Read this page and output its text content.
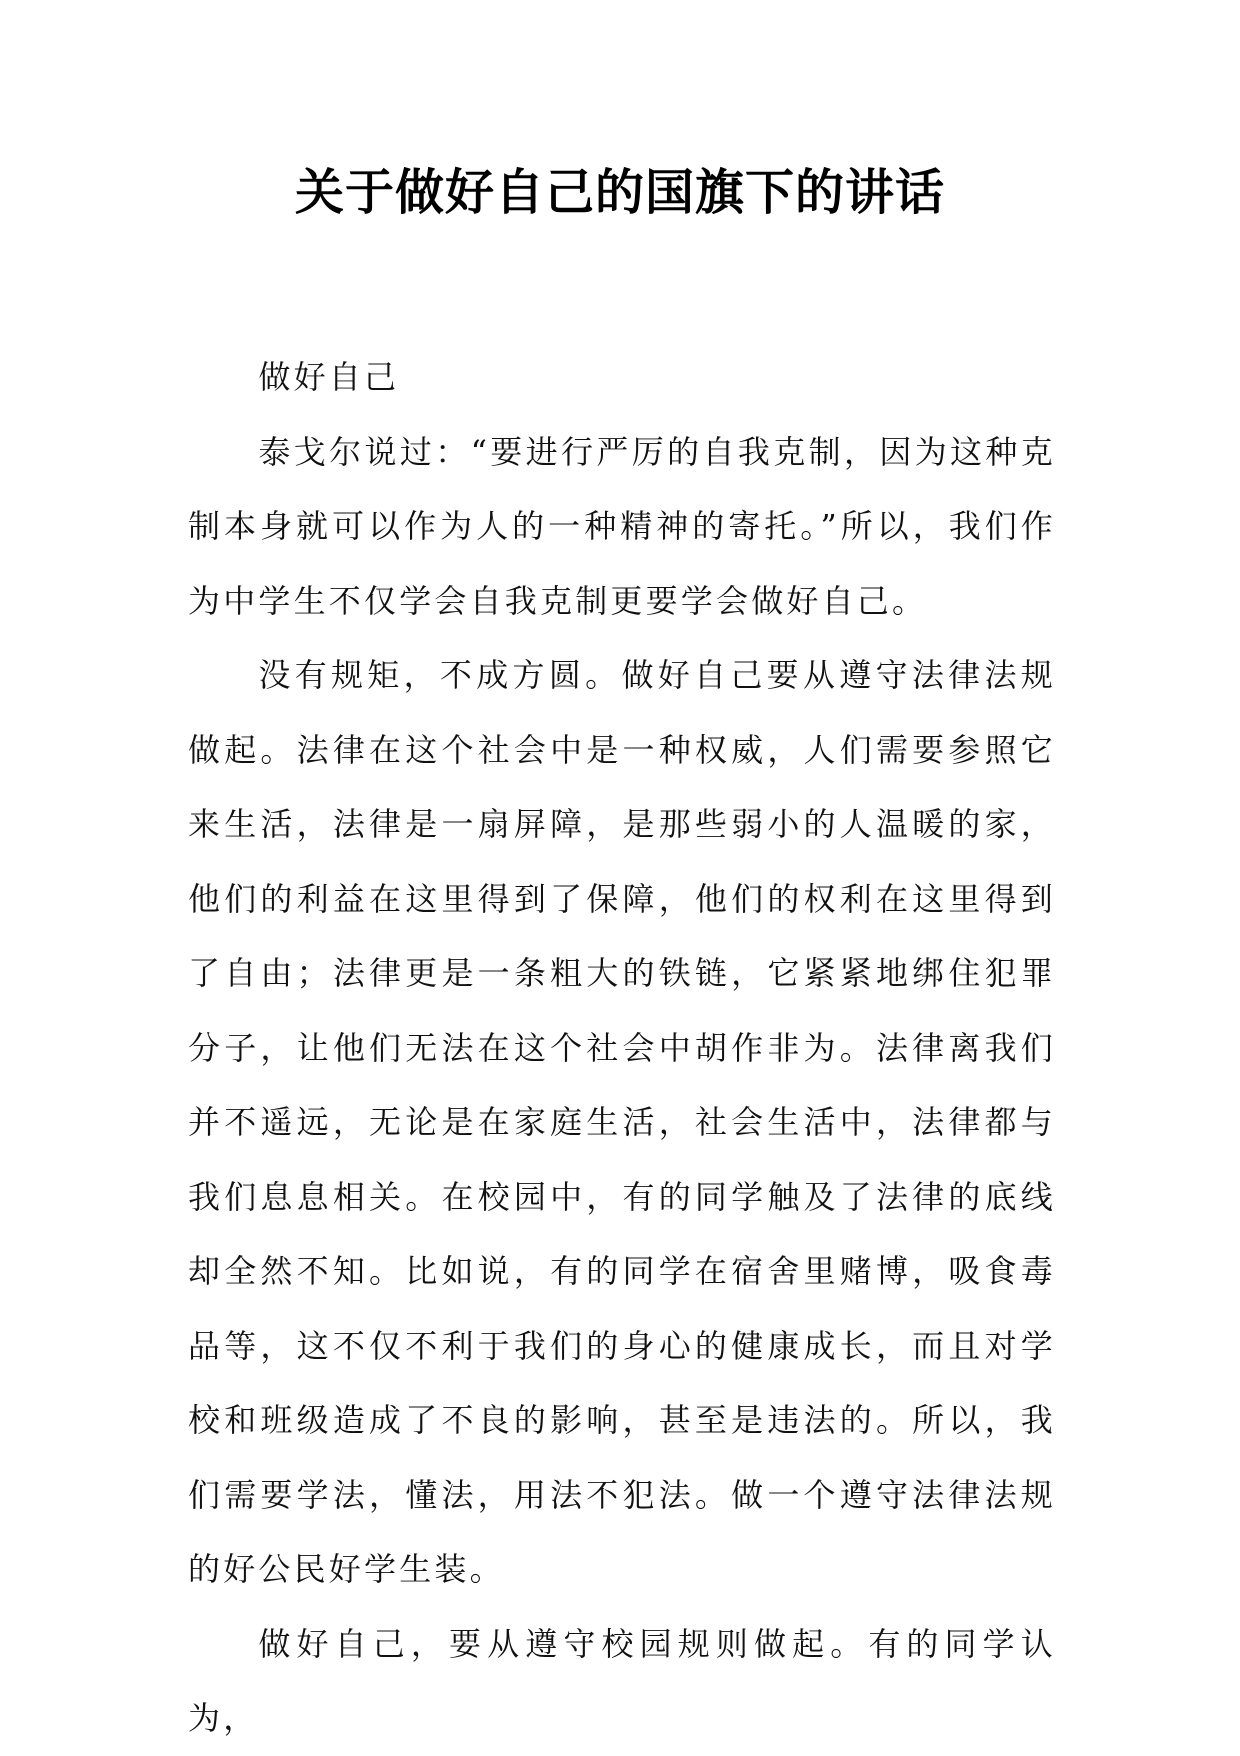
关于做好自己的国旗下的讲话

做好自己

泰戈尔说过：“要进行严厉的自我克制，因为这种克制本身就可以作为人的一种精神的寄托。”所以，我们作为中学生不仅学会自我克制更要学会做好自己。

没有规矩，不成方圆。做好自己要从遵守法律法规做起。法律在这个社会中是一种权威，人们需要参照它来生活，法律是一扇屏障，是那些弱小的人温暖的家，他们的利益在这里得到了保障，他们的权利在这里得到了自由；法律更是一条粗大的铁链，它紧紧地绑住犯罪分子，让他们无法在这个社会中胡作非为。法律离我们并不遥远，无论是在家庭生活，社会生活中，法律都与我们息息相关。在校园中，有的同学触及了法律的底线却全然不知。比如说，有的同学在宿舍里赌博，吸食毒品等，这不仅不利于我们的身心的健康成长，而且对学校和班级造成了不良的影响，甚至是违法的。所以，我们需要学法，懂法，用法不犯法。做一个遵守法律法规的好公民好学生装。

做好自己，要从遵守校园规则做起。有的同学认为，
